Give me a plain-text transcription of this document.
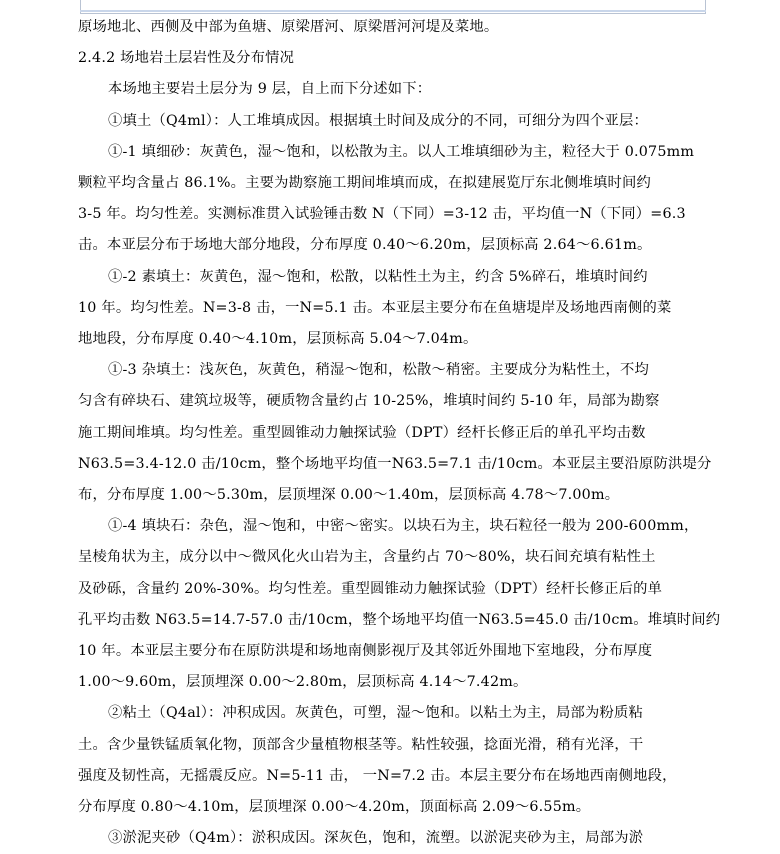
原场地北、西侧及中部为鱼塘、原梁厝河、原梁厝河河堤及菜地。
2.4.2 场地岩土层岩性及分布情况
本场地主要岩土层分为 9 层，自上而下分述如下：
①填土（Q4ml）：人工堆填成因。根据填土时间及成分的不同，可细分为四个亚层：
①-1 填细砂：灰黄色，湿～饱和，以松散为主。以人工堆填细砂为主，粒径大于 0.075mm
颗粒平均含量占 86.1%。主要为勘察施工期间堆填而成，在拟建展览厅东北侧堆填时间约
3-5 年。均匀性差。实测标准贯入试验锤击数 N（下同）=3-12 击，平均值一N（下同）=6.3
击。本亚层分布于场地大部分地段，分布厚度 0.40～6.20m，层顶标高 2.64～6.61m。
①-2 素填土：灰黄色，湿～饱和，松散，以粘性土为主，约含 5%碎石，堆填时间约
10 年。均匀性差。N=3-8 击，一N=5.1 击。本亚层主要分布在鱼塘堤岸及场地西南侧的菜
地地段，分布厚度 0.40～4.10m，层顶标高 5.04～7.04m。
①-3 杂填土：浅灰色，灰黄色，稍湿～饱和，松散～稍密。主要成分为粘性土，不均
匀含有碎块石、建筑垃圾等，硬质物含量约占 10-25%，堆填时间约 5-10 年，局部为勘察
施工期间堆填。均匀性差。重型圆锥动力触探试验（DPT）经杆长修正后的单孔平均击数
N63.5=3.4-12.0 击/10cm，整个场地平均值一N63.5=7.1 击/10cm。本亚层主要沿原防洪堤分
布，分布厚度 1.00～5.30m，层顶埋深 0.00～1.40m，层顶标高 4.78～7.00m。
①-4 填块石：杂色，湿～饱和，中密～密实。以块石为主，块石粒径一般为 200-600mm，
呈棱角状为主，成分以中～微风化火山岩为主，含量约占 70～80%，块石间充填有粘性土
及砂砾，含量约 20%-30%。均匀性差。重型圆锥动力触探试验（DPT）经杆长修正后的单
孔平均击数 N63.5=14.7-57.0 击/10cm，整个场地平均值一N63.5=45.0 击/10cm。堆填时间约
10 年。本亚层主要分布在原防洪堤和场地南侧影视厅及其邻近外围地下室地段，分布厚度
1.00～9.60m，层顶埋深 0.00～2.80m，层顶标高 4.14～7.42m。
②粘土（Q4al）：冲积成因。灰黄色，可塑，湿～饱和。以粘土为主，局部为粉质粘
土。含少量铁锰质氧化物，顶部含少量植物根茎等。粘性较强，捻面光滑，稍有光泽，干
强度及韧性高，无摇震反应。N=5-11 击， 一N=7.2 击。本层主要分布在场地西南侧地段，
分布厚度 0.80～4.10m，层顶埋深 0.00～4.20m，顶面标高 2.09～6.55m。
③淤泥夹砂（Q4m）：淤积成因。深灰色，饱和，流塑。以淤泥夹砂为主，局部为淤
